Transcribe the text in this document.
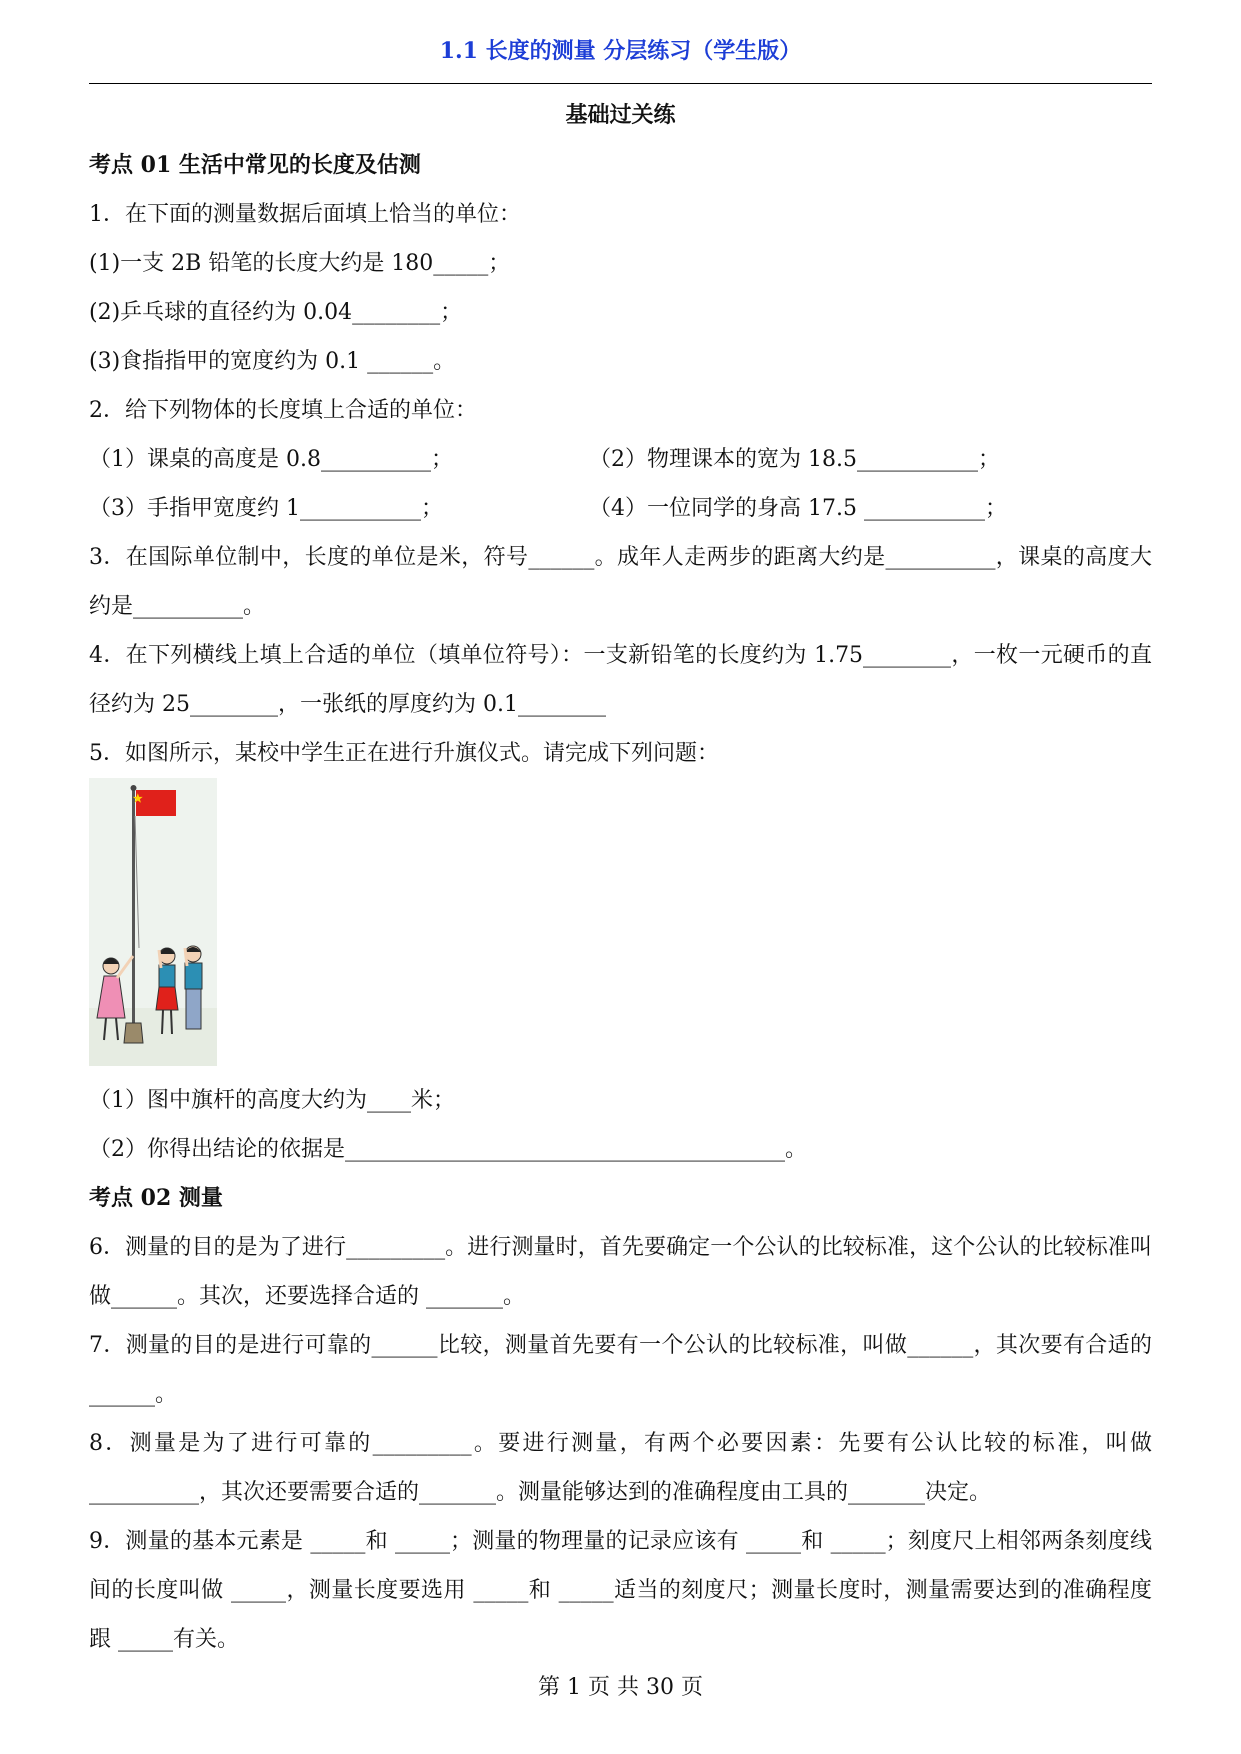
1.1 长度的测量 分层练习（学生版）
基础过关练
考点 01 生活中常见的长度及估测
1．在下面的测量数据后面填上恰当的单位：
(1)一支 2B 铅笔的长度大约是 180_____；
(2)乒乓球的直径约为 0.04________；
(3)食指指甲的宽度约为 0.1 ______。
2．给下列物体的长度填上合适的单位：
（1）课桌的高度是 0.8__________；	（2）物理课本的宽为 18.5___________；
（3）手指甲宽度约 1___________；	（4）一位同学的身高 17.5 ___________；
3．在国际单位制中，长度的单位是米，符号______。成年人走两步的距离大约是__________，课桌的高度大约是__________。
4．在下列横线上填上合适的单位（填单位符号）：一支新铅笔的长度约为 1.75________，一枚一元硬币的直径约为 25________，一张纸的厚度约为 0.1________
5．如图所示，某校中学生正在进行升旗仪式。请完成下列问题：
（1）图中旗杆的高度大约为____米；
（2）你得出结论的依据是________________________________________。
考点 02 测量
6．测量的目的是为了进行_________。进行测量时，首先要确定一个公认的比较标准，这个公认的比较标准叫做______。其次，还要选择合适的 _______。
7．测量的目的是进行可靠的______比较，测量首先要有一个公认的比较标准，叫做______，其次要有合适的______。
8．测量是为了进行可靠的_________。要进行测量，有两个必要因素：先要有公认比较的标准，叫做__________，其次还要需要合适的_______。测量能够达到的准确程度由工具的_______决定。
9．测量的基本元素是 _____和 _____；测量的物理量的记录应该有 _____和 _____；刻度尺上相邻两条刻度线间的长度叫做 _____，测量长度要选用 _____和 _____适当的刻度尺；测量长度时，测量需要达到的准确程度跟 _____有关。
第 1 页 共 30 页
